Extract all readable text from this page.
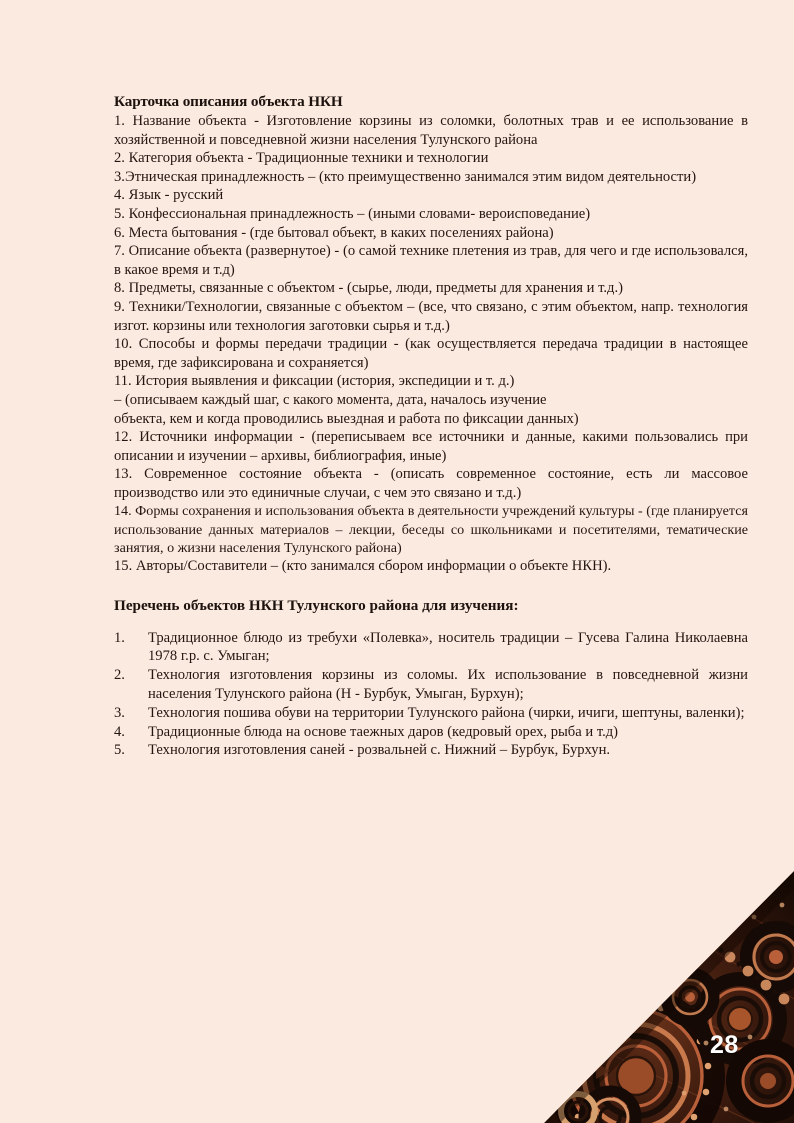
Карточка описания объекта НКН
1. Название объекта - Изготовление корзины из соломки, болотных трав и ее использование в хозяйственной и повседневной жизни населения Тулунского района
2. Категория объекта - Традиционные техники и технологии
3.Этническая принадлежность – (кто преимущественно занимался этим видом деятельности)
4. Язык - русский
5. Конфессиональная принадлежность – (иными словами- вероисповедание)
6. Места бытования - (где бытовал объект, в каких поселениях района)
7. Описание объекта (развернутое) - (о самой технике плетения из трав, для чего и где использовался, в какое время и т.д)
8. Предметы, связанные с объектом - (сырье, люди, предметы для хранения и т.д.)
9. Техники/Технологии, связанные с объектом – (все, что связано, с этим объектом, напр. технология изгот. корзины или технология заготовки сырья и т.д.)
10. Способы и формы передачи традиции - (как осуществляется передача традиции в настоящее время, где зафиксирована и сохраняется)
11. История выявления и фиксации (история, экспедиции и т. д.)
– (описываем каждый шаг, с какого момента, дата, началось изучение
объекта, кем и когда проводились выездная и работа по фиксации данных)
12. Источники информации - (переписываем все источники и данные, какими пользовались при описании и изучении – архивы, библиография, иные)
13. Современное состояние объекта - (описать современное состояние, есть ли массовое производство или это единичные случаи, с чем это связано и т.д.)
14. Формы сохранения и использования объекта в деятельности учреждений культуры - (где планируется использование данных материалов – лекции, беседы со школьниками и посетителями, тематические занятия, о жизни населения Тулунского района)
15. Авторы/Составители – (кто занимался сбором информации о объекте НКН).
Перечень объектов НКН Тулунского района для изучения:
Традиционное блюдо из требухи «Полевка», носитель традиции – Гусева Галина Николаевна 1978 г.р. с. Умыган;
Технология изготовления корзины из соломы. Их использование в повседневной жизни населения Тулунского района (Н - Бурбук, Умыган, Бурхун);
Технология пошива обуви на территории Тулунского района (чирки, ичиги, шептуны, валенки);
Традиционные блюда на основе таежных даров (кедровый орех, рыба и т.д)
Технология изготовления саней - розвальней с. Нижний – Бурбук, Бурхун.
28
